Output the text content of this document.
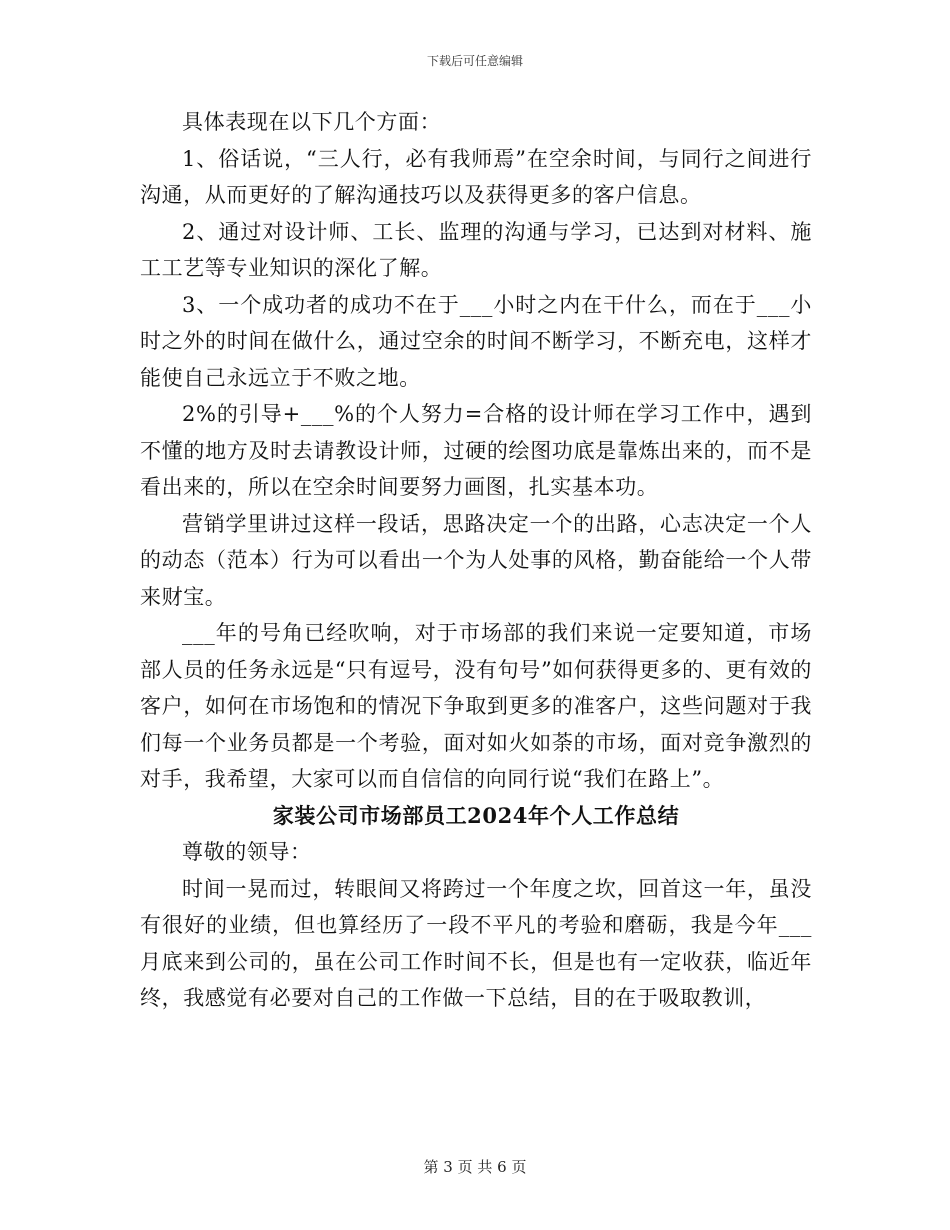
下载后可任意编辑

具体表现在以下几个方面：

1、俗话说，“三人行，必有我师焉”在空余时间，与同行之间进行沟通，从而更好的了解沟通技巧以及获得更多的客户信息。

2、通过对设计师、工长、监理的沟通与学习，已达到对材料、施工工艺等专业知识的深化了解。

3、一个成功者的成功不在于___小时之内在干什么，而在于___小时之外的时间在做什么，通过空余的时间不断学习，不断充电，这样才能使自己永远立于不败之地。

2%的引导+___%的个人努力=合格的设计师在学习工作中，遇到不懂的地方及时去请教设计师，过硬的绘图功底是靠炼出来的，而不是看出来的，所以在空余时间要努力画图，扎实基本功。

营销学里讲过这样一段话，思路决定一个的出路，心志决定一个人的动态（范本）行为可以看出一个为人处事的风格，勤奋能给一个人带来财宝。

___年的号角已经吹响，对于市场部的我们来说一定要知道，市场部人员的任务永远是“只有逗号，没有句号”如何获得更多的、更有效的客户，如何在市场饱和的情况下争取到更多的准客户，这些问题对于我们每一个业务员都是一个考验，面对如火如荼的市场，面对竞争激烈的对手，我希望，大家可以而自信信的向同行说“我们在路上”。

家装公司市场部员工2024年个人工作总结

尊敬的领导：

时间一晃而过，转眼间又将跨过一个年度之坎，回首这一年，虽没有很好的业绩，但也算经历了一段不平凡的考验和磨砺，我是今年___月底来到公司的，虽在公司工作时间不长，但是也有一定收获，临近年终，我感觉有必要对自己的工作做一下总结，目的在于吸取教训，

第 3 页 共 6 页
